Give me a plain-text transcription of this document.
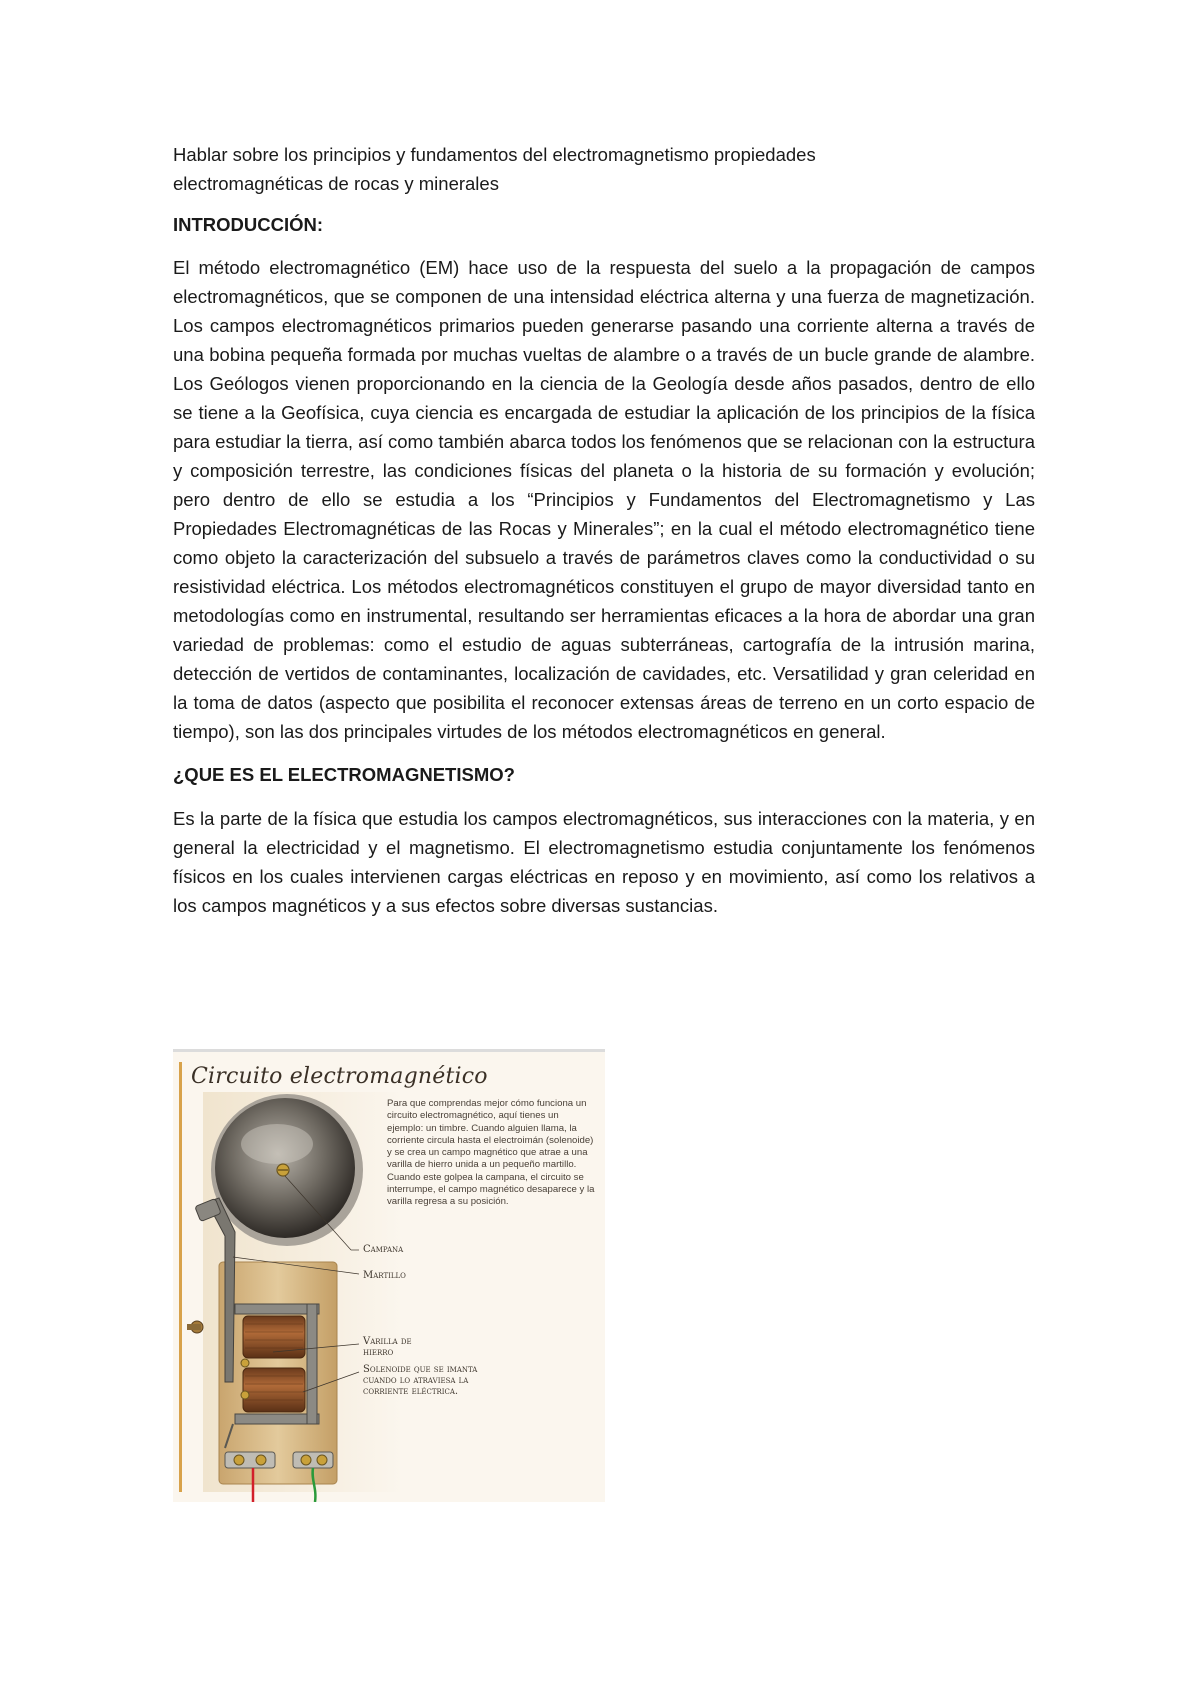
Hablar sobre los principios y fundamentos del electromagnetismo propiedades
electromagnéticas de rocas y minerales

INTRODUCCIÓN:

El método electromagnético (EM) hace uso de la respuesta del suelo a la propagación de campos electromagnéticos, que se componen de una intensidad eléctrica alterna y una fuerza de magnetización. Los campos electromagnéticos primarios pueden generarse pasando una corriente alterna a través de una bobina pequeña formada por muchas vueltas de alambre o a través de un bucle grande de alambre. Los Geólogos vienen proporcionando en la ciencia de la Geología desde años pasados, dentro de ello se tiene a la Geofísica, cuya ciencia es encargada de estudiar la aplicación de los principios de la física para estudiar la tierra, así como también abarca todos los fenómenos que se relacionan con la estructura y composición terrestre, las condiciones físicas del planeta o la historia de su formación y evolución; pero dentro de ello se estudia a los “Principios y Fundamentos del Electromagnetismo y Las Propiedades Electromagnéticas de las Rocas y Minerales”; en la cual el método electromagnético tiene como objeto la caracterización del subsuelo a través de parámetros claves como la conductividad o su resistividad eléctrica. Los métodos electromagnéticos constituyen el grupo de mayor diversidad tanto en metodologías como en instrumental, resultando ser herramientas eficaces a la hora de abordar una gran variedad de problemas: como el estudio de aguas subterráneas, cartografía de la intrusión marina, detección de vertidos de contaminantes, localización de cavidades, etc. Versatilidad y gran celeridad en la toma de datos (aspecto que posibilita el reconocer extensas áreas de terreno en un corto espacio de tiempo), son las dos principales virtudes de los métodos electromagnéticos en general.

¿QUE ES EL ELECTROMAGNETISMO?

Es la parte de la física que estudia los campos electromagnéticos, sus interacciones con la materia, y en general la electricidad y el magnetismo. El electromagnetismo estudia conjuntamente los fenómenos físicos en los cuales intervienen cargas eléctricas en reposo y en movimiento, así como los relativos a los campos magnéticos y a sus efectos sobre diversas sustancias.

Circuito electromagnético
Para que comprendas mejor cómo funciona un circuito electromagnético, aquí tienes un ejemplo: un timbre. Cuando alguien llama, la corriente circula hasta el electroimán (solenoide) y se crea un campo magnético que atrae a una varilla de hierro unida a un pequeño martillo. Cuando este golpea la campana, el circuito se interrumpe, el campo magnético desaparece y la varilla regresa a su posición.
Campana
Martillo
Varilla de hierro
Solenoide que se imanta cuando lo atraviesa la corriente eléctrica.
